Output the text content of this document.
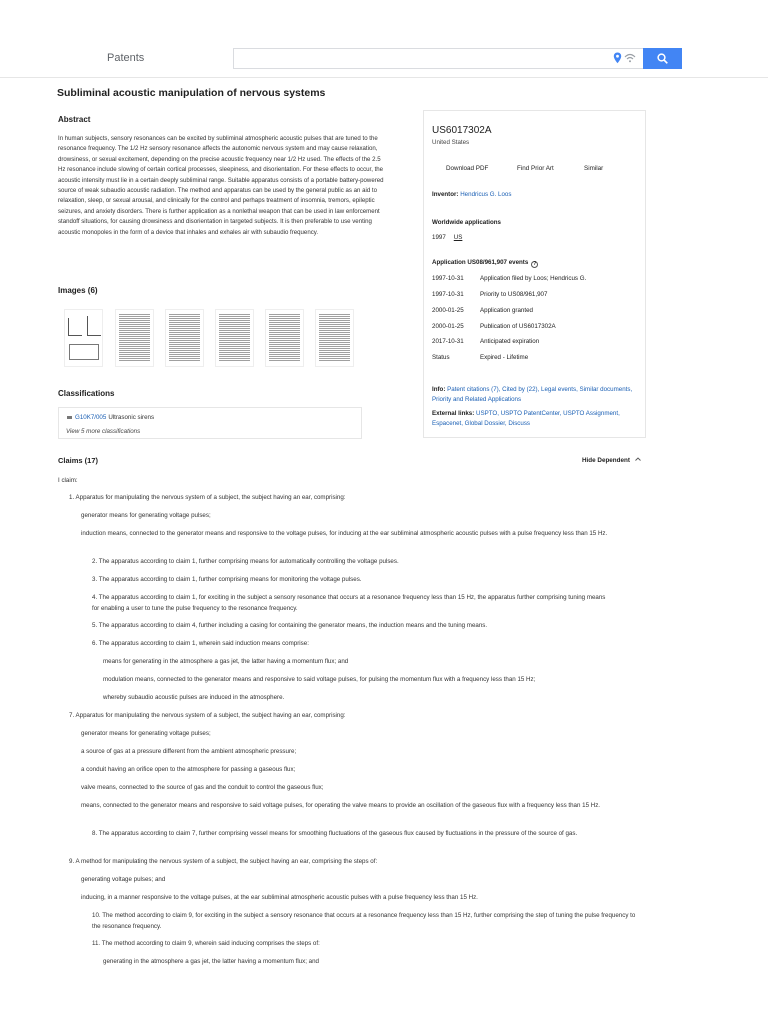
Patents
Subliminal acoustic manipulation of nervous systems
Abstract
In human subjects, sensory resonances can be excited by subliminal atmospheric acoustic pulses that are tuned to the resonance frequency. The 1/2 Hz sensory resonance affects the autonomic nervous system and may cause relaxation, drowsiness, or sexual excitement, depending on the precise acoustic frequency near 1/2 Hz used. The effects of the 2.5 Hz resonance include slowing of certain cortical processes, sleepiness, and disorientation. For these effects to occur, the acoustic intensity must lie in a certain deeply subliminal range. Suitable apparatus consists of a portable battery-powered source of weak subaudio acoustic radiation. The method and apparatus can be used by the general public as an aid to relaxation, sleep, or sexual arousal, and clinically for the control and perhaps treatment of insomnia, tremors, epileptic seizures, and anxiety disorders. There is further application as a nonlethal weapon that can be used in law enforcement standoff situations, for causing drowsiness and disorientation in targeted subjects. It is then preferable to use venting acoustic monopoles in the form of a device that inhales and exhales air with subaudio frequency.
Images (6)
Classifications
G10K7/005 Ultrasonic sirens
View 5 more classifications
US6017302A
United States
Download PDF	Find Prior Art	Similar
Inventor: Hendricus G. Loos
Worldwide applications
1997 US
Application US08/961,907 events ?
1997-10-31	Application filed by Loos; Hendricus G.
1997-10-31	Priority to US08/961,907
2000-01-25	Application granted
2000-01-25	Publication of US6017302A
2017-10-31	Anticipated expiration
Status	Expired - Lifetime
Info: Patent citations (7), Cited by (22), Legal events, Similar documents, Priority and Related Applications
External links: USPTO, USPTO PatentCenter, USPTO Assignment, Espacenet, Global Dossier, Discuss
Claims (17)	Hide Dependent
I claim:
1. Apparatus for manipulating the nervous system of a subject, the subject having an ear, comprising:
generator means for generating voltage pulses;
induction means, connected to the generator means and responsive to the voltage pulses, for inducing at the ear subliminal atmospheric acoustic pulses with a pulse frequency less than 15 Hz.
2. The apparatus according to claim 1, further comprising means for automatically controlling the voltage pulses.
3. The apparatus according to claim 1, further comprising means for monitoring the voltage pulses.
4. The apparatus according to claim 1, for exciting in the subject a sensory resonance that occurs at a resonance frequency less than 15 Hz, the apparatus further comprising tuning means for enabling a user to tune the pulse frequency to the resonance frequency.
5. The apparatus according to claim 4, further including a casing for containing the generator means, the induction means and the tuning means.
6. The apparatus according to claim 1, wherein said induction means comprise:
means for generating in the atmosphere a gas jet, the latter having a momentum flux; and
modulation means, connected to the generator means and responsive to said voltage pulses, for pulsing the momentum flux with a frequency less than 15 Hz;
whereby subaudio acoustic pulses are induced in the atmosphere.
7. Apparatus for manipulating the nervous system of a subject, the subject having an ear, comprising:
generator means for generating voltage pulses;
a source of gas at a pressure different from the ambient atmospheric pressure;
a conduit having an orifice open to the atmosphere for passing a gaseous flux;
valve means, connected to the source of gas and the conduit to control the gaseous flux;
means, connected to the generator means and responsive to said voltage pulses, for operating the valve means to provide an oscillation of the gaseous flux with a frequency less than 15 Hz.
8. The apparatus according to claim 7, further comprising vessel means for smoothing fluctuations of the gaseous flux caused by fluctuations in the pressure of the source of gas.
9. A method for manipulating the nervous system of a subject, the subject having an ear, comprising the steps of:
generating voltage pulses; and
inducing, in a manner responsive to the voltage pulses, at the ear subliminal atmospheric acoustic pulses with a pulse frequency less than 15 Hz.
10. The method according to claim 9, for exciting in the subject a sensory resonance that occurs at a resonance frequency less than 15 Hz, further comprising the step of tuning the pulse frequency to the resonance frequency.
11. The method according to claim 9, wherein said inducing comprises the steps of:
generating in the atmosphere a gas jet, the latter having a momentum flux; and
